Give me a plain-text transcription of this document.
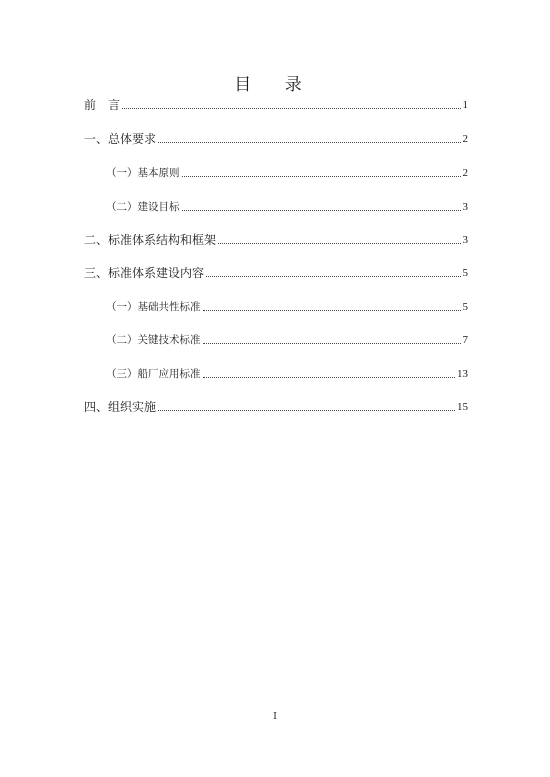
目 录
前　言	1
一、总体要求	2
（一）基本原则	2
（二）建设目标	3
二、标准体系结构和框架	3
三、标准体系建设内容	5
（一）基础共性标准	5
（二）关键技术标准	7
（三）船厂应用标准	13
四、组织实施	15
I
